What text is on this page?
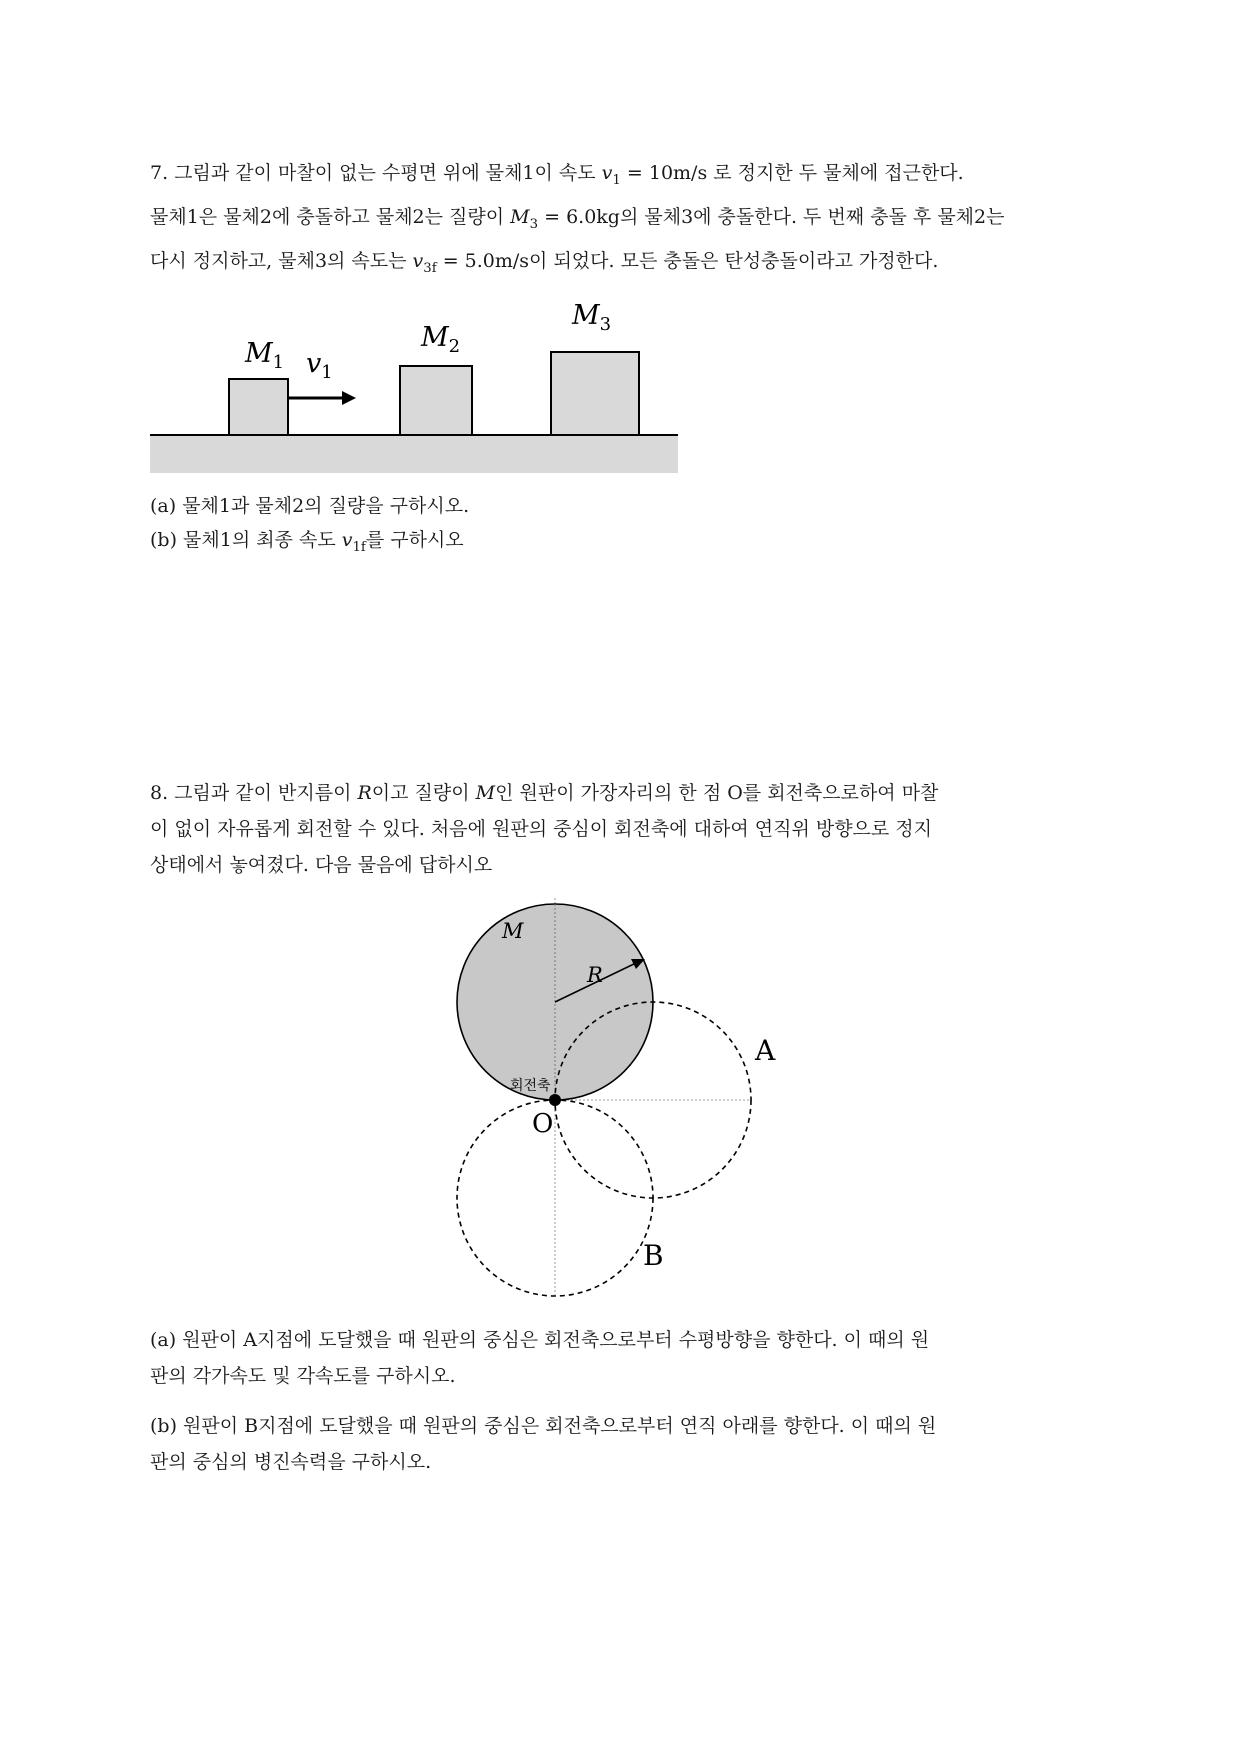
7. 그림과 같이 마찰이 없는 수평면 위에 물체1이 속도 $v_1 = 10m/s$ 로 정지한 두 물체에 접근한다.
물체1은 물체2에 충돌하고 물체2는 질량이 $M_3 = 6.0kg$의 물체3에 충돌한다. 두 번째 충돌 후 물체2는
다시 정지하고, 물체3의 속도는 $v_{3f} = 5.0m/s$이 되었다. 모든 충돌은 탄성충돌이라고 가정한다.
$M_1$ $v_1$
$M_2$
$M_3$

(a) 물체1과 물체2의 질량을 구하시오.

(b) 물체1의 최종 속도 $v_{1f}$를 구하시오

8. 그림과 같이 반지름이 R이고 질량이 M인 원판이 가장자리의 한 점 O를 회전축으로하여 마찰
이 없이 자유롭게 회전할 수 있다. 처음에 원판의 중심이 회전축에 대하여 연직위 방향으로 정지
상태에서 놓여졌다. 다음 물음에 답하시오
M
R
회전축
O
A
B
(a) 원판이 A지점에 도달했을 때 원판의 중심은 회전축으로부터 수평방향을 향한다. 이 때의 원
판의 각가속도 및 각속도를 구하시오.
(b) 원판이 B지점에 도달했을 때 원판의 중심은 회전축으로부터 연직 아래를 향한다. 이 때의 원
판의 중심의 병진속력을 구하시오.
